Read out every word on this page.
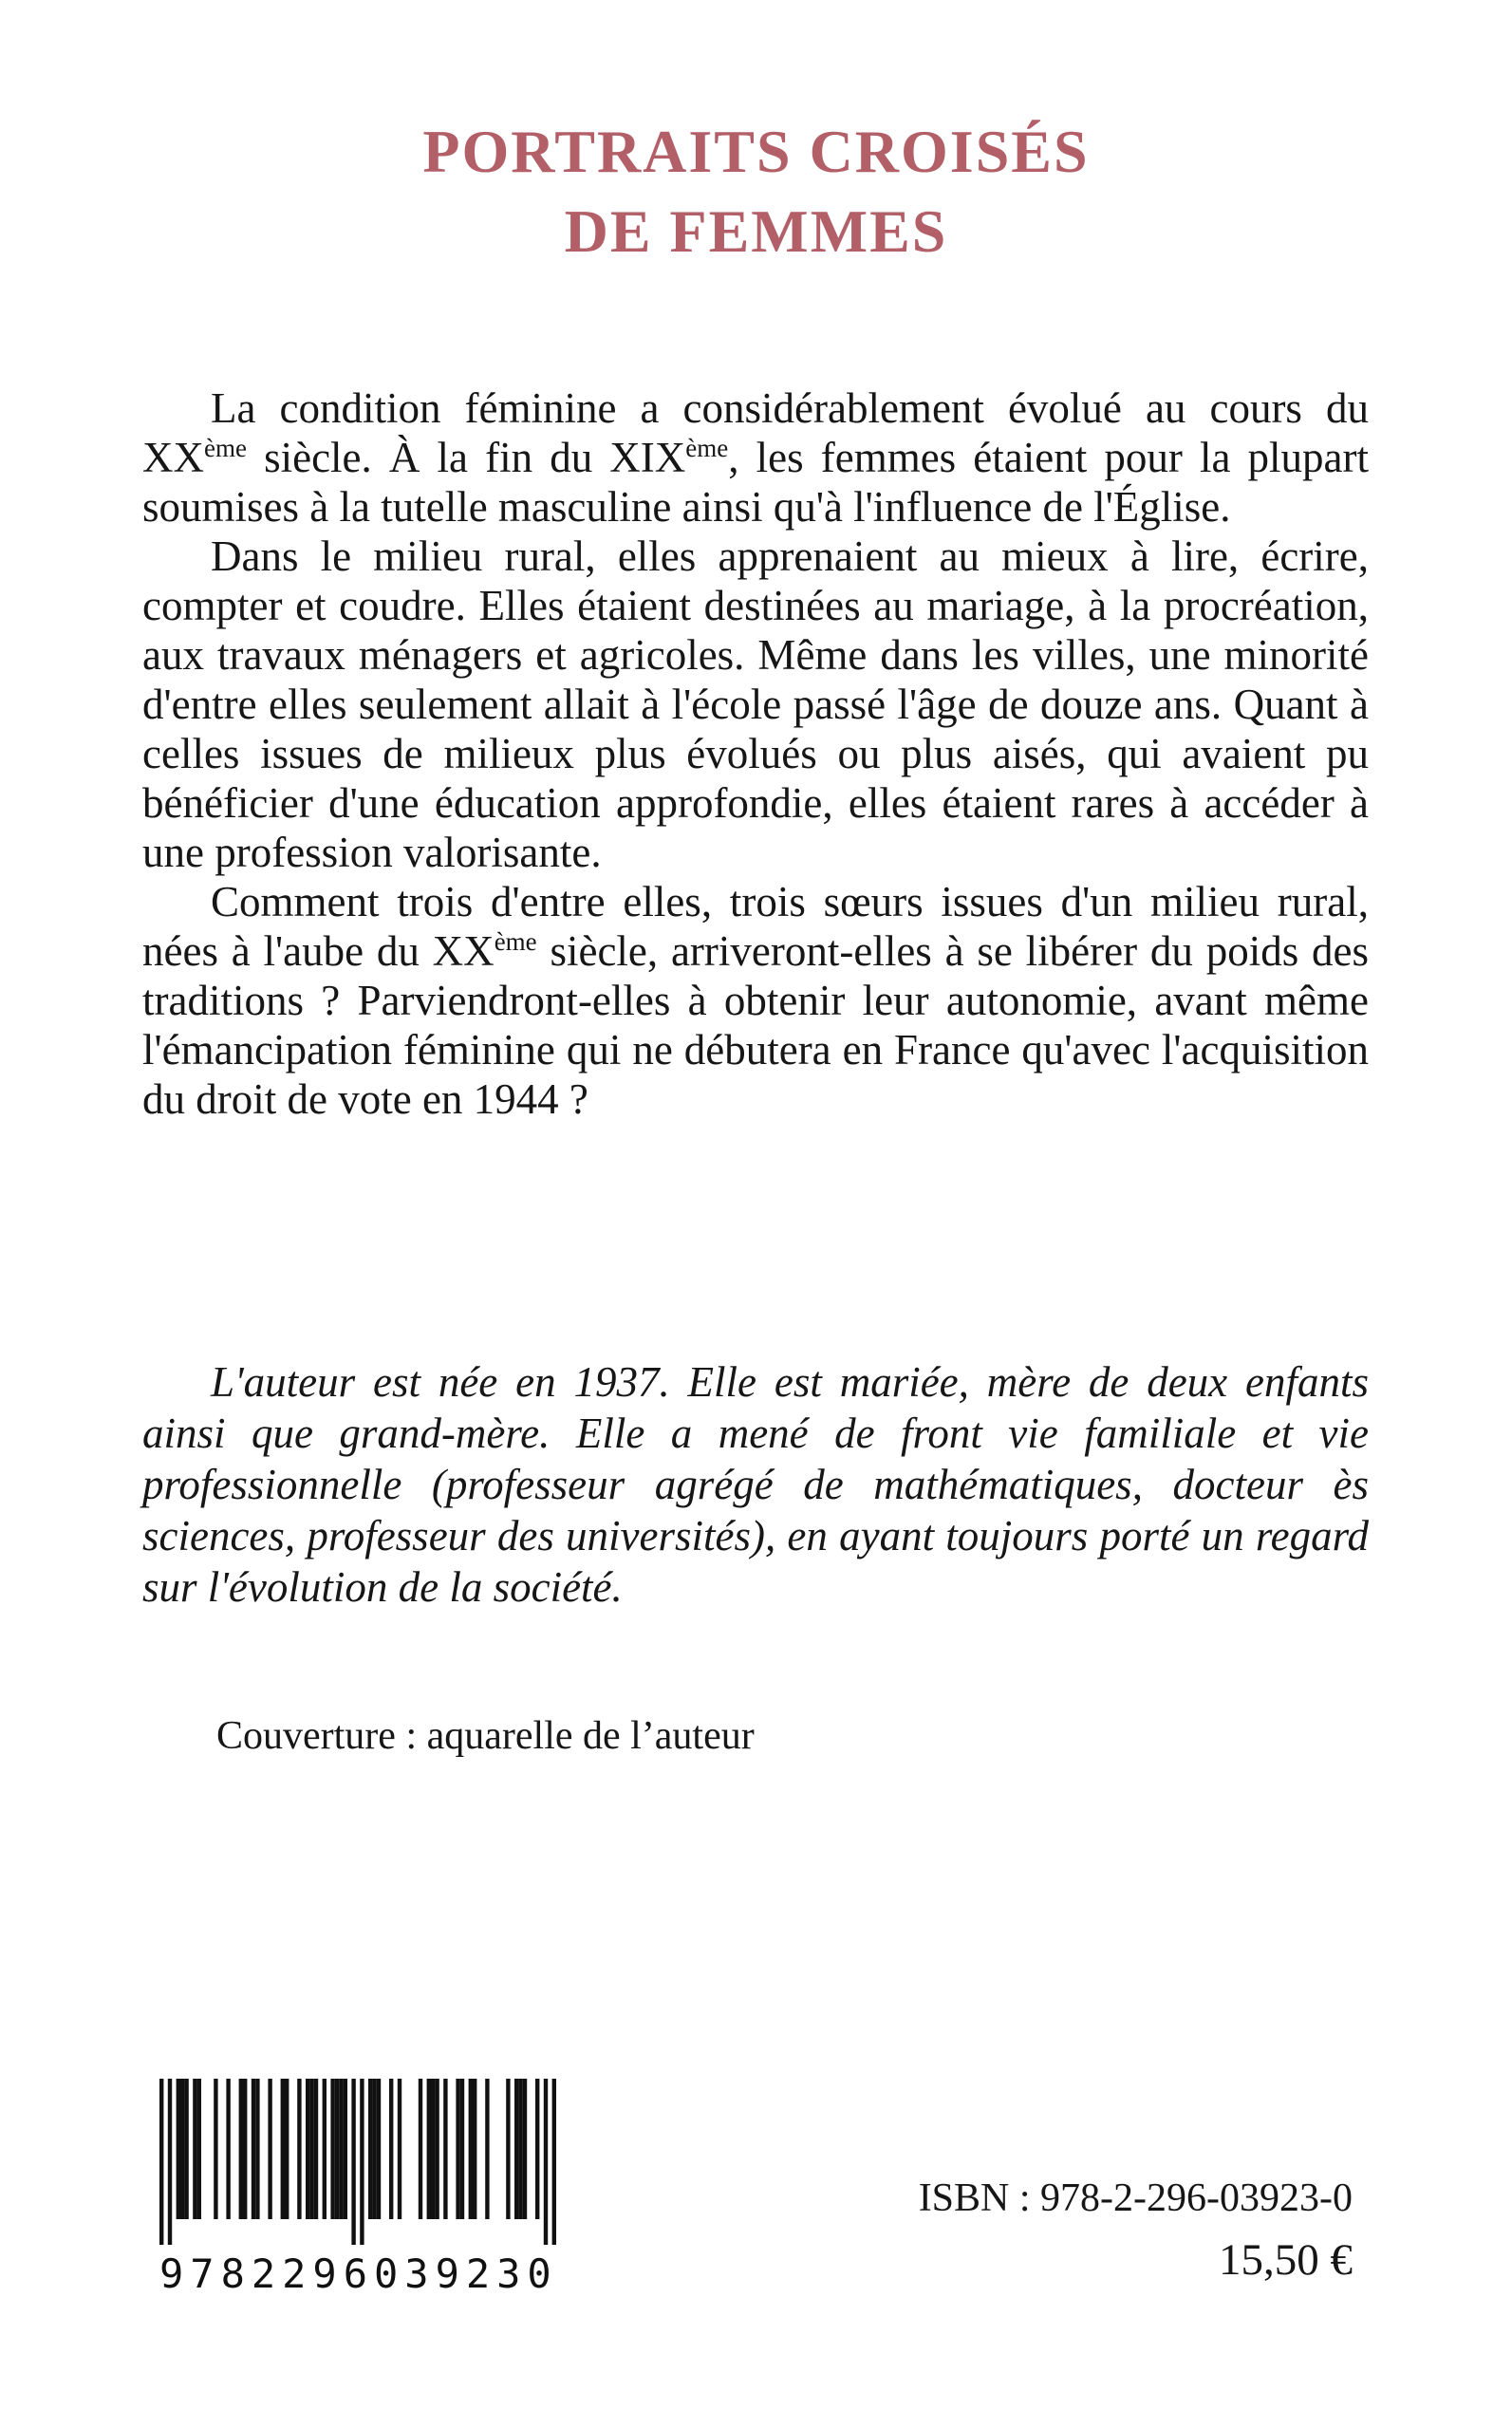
PORTRAITS CROISÉS
DE FEMMES

La condition féminine a considérablement évolué au cours du XXème siècle. À la fin du XIXème, les femmes étaient pour la plupart soumises à la tutelle masculine ainsi qu'à l'influence de l'Église.

Dans le milieu rural, elles apprenaient au mieux à lire, écrire, compter et coudre. Elles étaient destinées au mariage, à la procréation, aux travaux ménagers et agricoles. Même dans les villes, une minorité d'entre elles seulement allait à l'école passé l'âge de douze ans. Quant à celles issues de milieux plus évolués ou plus aisés, qui avaient pu bénéficier d'une éducation approfondie, elles étaient rares à accéder à une profession valorisante.

Comment trois d'entre elles, trois sœurs issues d'un milieu rural, nées à l'aube du XXème siècle, arriveront-elles à se libérer du poids des traditions ? Parviendront-elles à obtenir leur autonomie, avant même l'émancipation féminine qui ne débutera en France qu'avec l'acquisition du droit de vote en 1944 ?

L'auteur est née en 1937. Elle est mariée, mère de deux enfants ainsi que grand-mère. Elle a mené de front vie familiale et vie professionnelle (professeur agrégé de mathématiques, docteur ès sciences, professeur des universités), en ayant toujours porté un regard sur l'évolution de la société.

Couverture : aquarelle de l’auteur

9782296039230
ISBN : 978-2-296-03923-0
15,50 €
